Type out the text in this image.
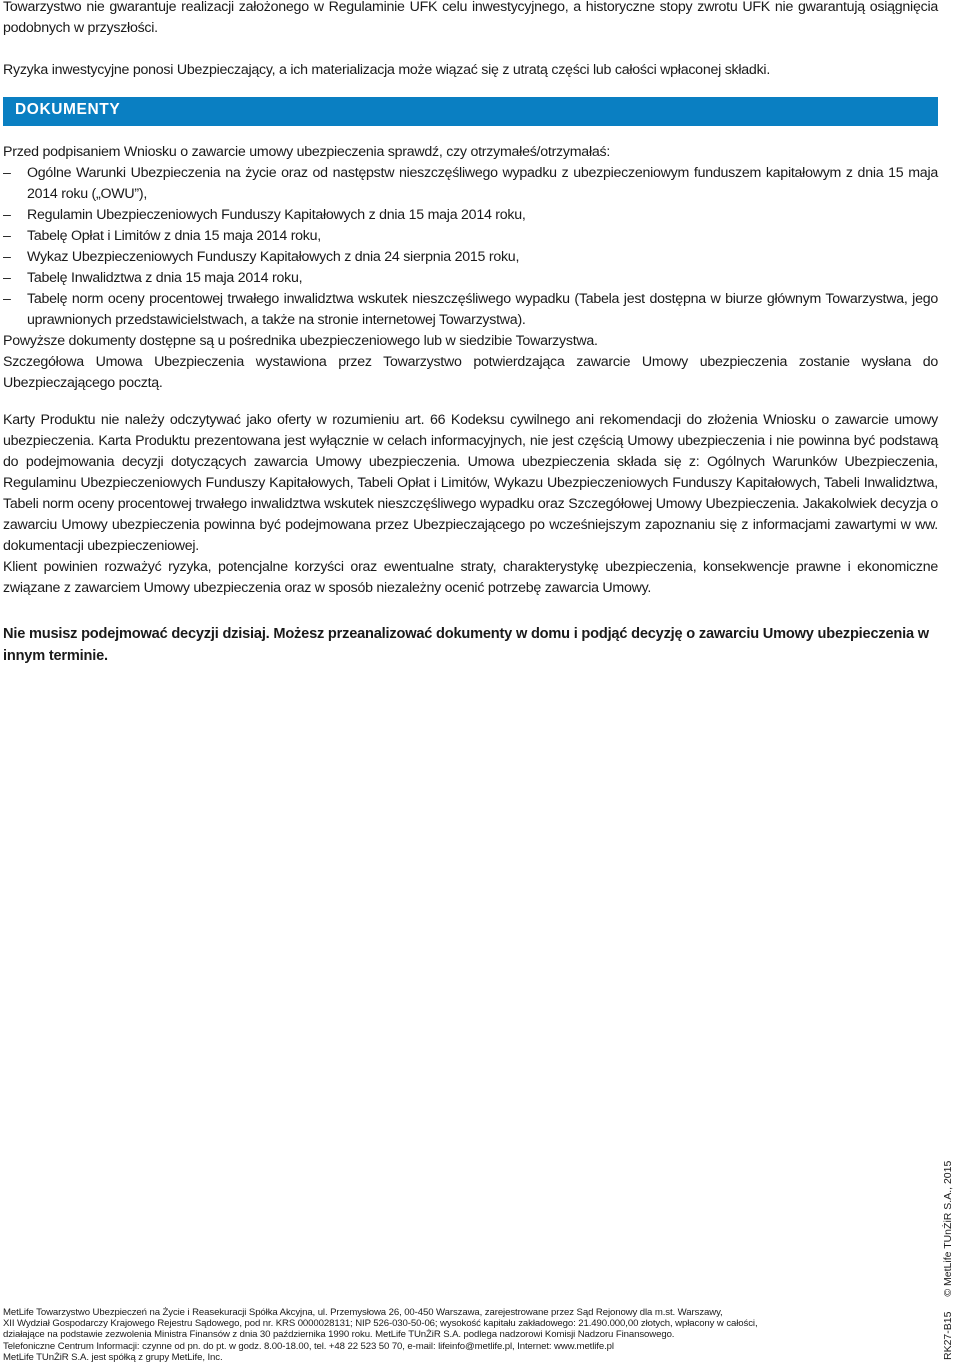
Towarzystwo nie gwarantuje realizacji założonego w Regulaminie UFK celu inwestycyjnego, a historyczne stopy zwrotu UFK nie gwarantują osiągnięcia podobnych w przyszłości.

Ryzyka inwestycyjne ponosi Ubezpieczający, a ich materializacja może wiązać się z utratą części lub całości wpłaconej składki.

DOKUMENTY

Przed podpisaniem Wniosku o zawarcie umowy ubezpieczenia sprawdź, czy otrzymałeś/otrzymałaś:

–	Ogólne Warunki Ubezpieczenia na życie oraz od następstw nieszczęśliwego wypadku z ubezpieczeniowym funduszem kapitałowym z dnia 15 maja 2014 roku („OWU”),
–	Regulamin Ubezpieczeniowych Funduszy Kapitałowych z dnia 15 maja 2014 roku,
–	Tabelę Opłat i Limitów z dnia 15 maja 2014 roku,
–	Wykaz Ubezpieczeniowych Funduszy Kapitałowych z dnia 24 sierpnia 2015 roku,
–	Tabelę Inwalidztwa z dnia 15 maja 2014 roku,
–	Tabelę norm oceny procentowej trwałego inwalidztwa wskutek nieszczęśliwego wypadku (Tabela jest dostępna w biurze głównym Towarzystwa, jego uprawnionych przedstawicielstwach, a także na stronie internetowej Towarzystwa).

Powyższe dokumenty dostępne są u pośrednika ubezpieczeniowego lub w siedzibie Towarzystwa.

Szczegółowa Umowa Ubezpieczenia wystawiona przez Towarzystwo potwierdzająca zawarcie Umowy ubezpieczenia zostanie wysłana do Ubezpieczającego pocztą.

Karty Produktu nie należy odczytywać jako oferty w rozumieniu art. 66 Kodeksu cywilnego ani rekomendacji do złożenia Wniosku o zawarcie umowy ubezpieczenia. Karta Produktu prezentowana jest wyłącznie w celach informacyjnych, nie jest częścią Umowy ubezpieczenia i nie powinna być podstawą do podejmowania decyzji dotyczących zawarcia Umowy ubezpieczenia. Umowa ubezpieczenia składa się z: Ogólnych Warunków Ubezpieczenia, Regulaminu Ubezpieczeniowych Funduszy Kapitałowych, Tabeli Opłat i Limitów, Wykazu Ubezpieczeniowych Funduszy Kapitałowych, Tabeli Inwalidztwa, Tabeli norm oceny procentowej trwałego inwalidztwa wskutek nieszczęśliwego wypadku oraz Szczegółowej Umowy Ubezpieczenia. Jakakolwiek decyzja o zawarciu Umowy ubezpieczenia powinna być podejmowana przez Ubezpieczającego po wcześniejszym zapoznaniu się z informacjami zawartymi w ww. dokumentacji ubezpieczeniowej.

Klient powinien rozważyć ryzyka, potencjalne korzyści oraz ewentualne straty, charakterystykę ubezpieczenia, konsekwencje prawne i ekonomiczne związane z zawarciem Umowy ubezpieczenia oraz w sposób niezależny ocenić potrzebę zawarcia Umowy.

Nie musisz podejmować decyzji dzisiaj. Możesz przeanalizować dokumenty w domu i podjąć decyzję o zawarciu Umowy ubezpieczenia w innym terminie.

MetLife Towarzystwo Ubezpieczeń na Życie i Reasekuracji Spółka Akcyjna, ul. Przemysłowa 26, 00-450 Warszawa, zarejestrowane przez Sąd Rejonowy dla m.st. Warszawy,

XII Wydział Gospodarczy Krajowego Rejestru Sądowego, pod nr. KRS 0000028131; NIP 526-030-50-06; wysokość kapitału zakładowego: 21.490.000,00 złotych, wpłacony w całości,

działające na podstawie zezwolenia Ministra Finansów z dnia 30 października 1990 roku. MetLife TUnŻiR S.A. podlega nadzorowi Komisji Nadzoru Finansowego.

Telefoniczne Centrum Informacji: czynne od pn. do pt. w godz. 8.00-18.00, tel. +48 22 523 50 70, e-mail: lifeinfo@metlife.pl, Internet: www.metlife.pl

MetLife TUnŻiR S.A. jest spółką z grupy MetLife, Inc.	RK27-B15 © MetLife TUnŻiR S.A., 2015
